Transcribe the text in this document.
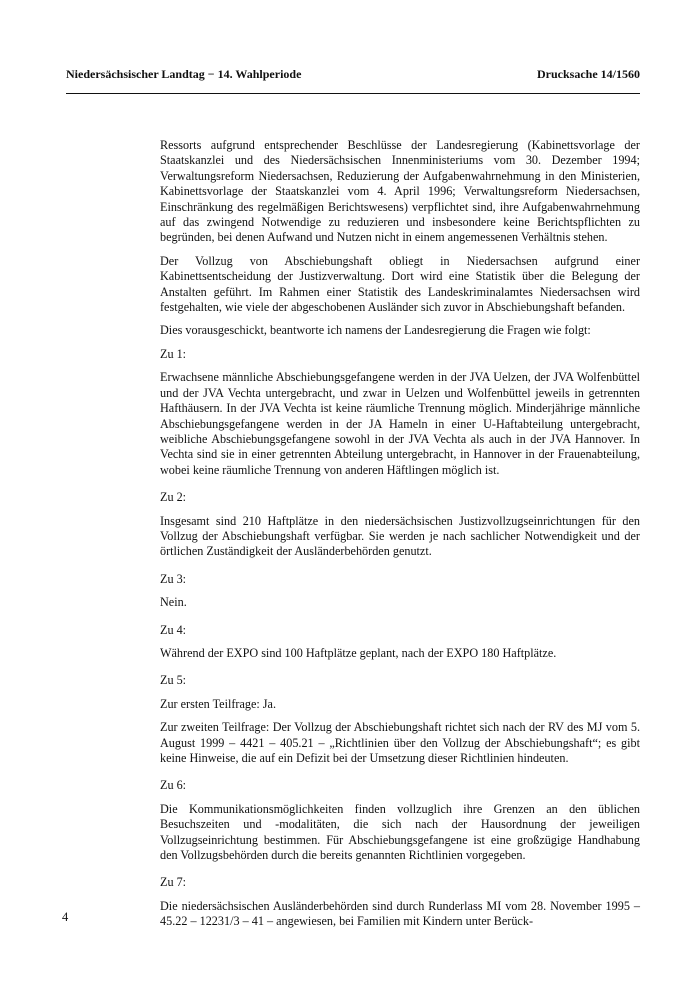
Niedersächsischer Landtag − 14. Wahlperiode	Drucksache 14/1560

Ressorts aufgrund entsprechender Beschlüsse der Landesregierung (Kabinettsvorlage der Staatskanzlei und des Niedersächsischen Innenministeriums vom 30. Dezember 1994; Verwaltungsreform Niedersachsen, Reduzierung der Aufgabenwahrnehmung in den Ministerien, Kabinettsvorlage der Staatskanzlei vom 4. April 1996; Verwaltungsreform Niedersachsen, Einschränkung des regelmäßigen Berichtswesens) verpflichtet sind, ihre Aufgabenwahrnehmung auf das zwingend Notwendige zu reduzieren und insbesondere keine Berichtspflichten zu begründen, bei denen Aufwand und Nutzen nicht in einem angemessenen Verhältnis stehen.

Der Vollzug von Abschiebungshaft obliegt in Niedersachsen aufgrund einer Kabinettsentscheidung der Justizverwaltung. Dort wird eine Statistik über die Belegung der Anstalten geführt. Im Rahmen einer Statistik des Landeskriminalamtes Niedersachsen wird festgehalten, wie viele der abgeschobenen Ausländer sich zuvor in Abschiebungshaft befanden.

Dies vorausgeschickt, beantworte ich namens der Landesregierung die Fragen wie folgt:

Zu 1:

Erwachsene männliche Abschiebungsgefangene werden in der JVA Uelzen, der JVA Wolfenbüttel und der JVA Vechta untergebracht, und zwar in Uelzen und Wolfenbüttel jeweils in getrennten Hafthäusern. In der JVA Vechta ist keine räumliche Trennung möglich. Minderjährige männliche Abschiebungsgefangene werden in der JA Hameln in einer U-Haftabteilung untergebracht, weibliche Abschiebungsgefangene sowohl in der JVA Vechta als auch in der JVA Hannover. In Vechta sind sie in einer getrennten Abteilung untergebracht, in Hannover in der Frauenabteilung, wobei keine räumliche Trennung von anderen Häftlingen möglich ist.

Zu 2:

Insgesamt sind 210 Haftplätze in den niedersächsischen Justizvollzugseinrichtungen für den Vollzug der Abschiebungshaft verfügbar. Sie werden je nach sachlicher Notwendigkeit und der örtlichen Zuständigkeit der Ausländerbehörden genutzt.

Zu 3:

Nein.

Zu 4:

Während der EXPO sind 100 Haftplätze geplant, nach der EXPO 180 Haftplätze.

Zu 5:

Zur ersten Teilfrage: Ja.

Zur zweiten Teilfrage: Der Vollzug der Abschiebungshaft richtet sich nach der RV des MJ vom 5. August 1999 – 4421 – 405.21 – „Richtlinien über den Vollzug der Abschiebungshaft“; es gibt keine Hinweise, die auf ein Defizit bei der Umsetzung dieser Richtlinien hindeuten.

Zu 6:

Die Kommunikationsmöglichkeiten finden vollzuglich ihre Grenzen an den üblichen Besuchszeiten und -modalitäten, die sich nach der Hausordnung der jeweiligen Vollzugseinrichtung bestimmen. Für Abschiebungsgefangene ist eine großzügige Handhabung den Vollzugsbehörden durch die bereits genannten Richtlinien vorgegeben.

Zu 7:

Die niedersächsischen Ausländerbehörden sind durch Runderlass MI vom 28. November 1995 – 45.22 – 12231/3 – 41 – angewiesen, bei Familien mit Kindern unter Berück-

4
